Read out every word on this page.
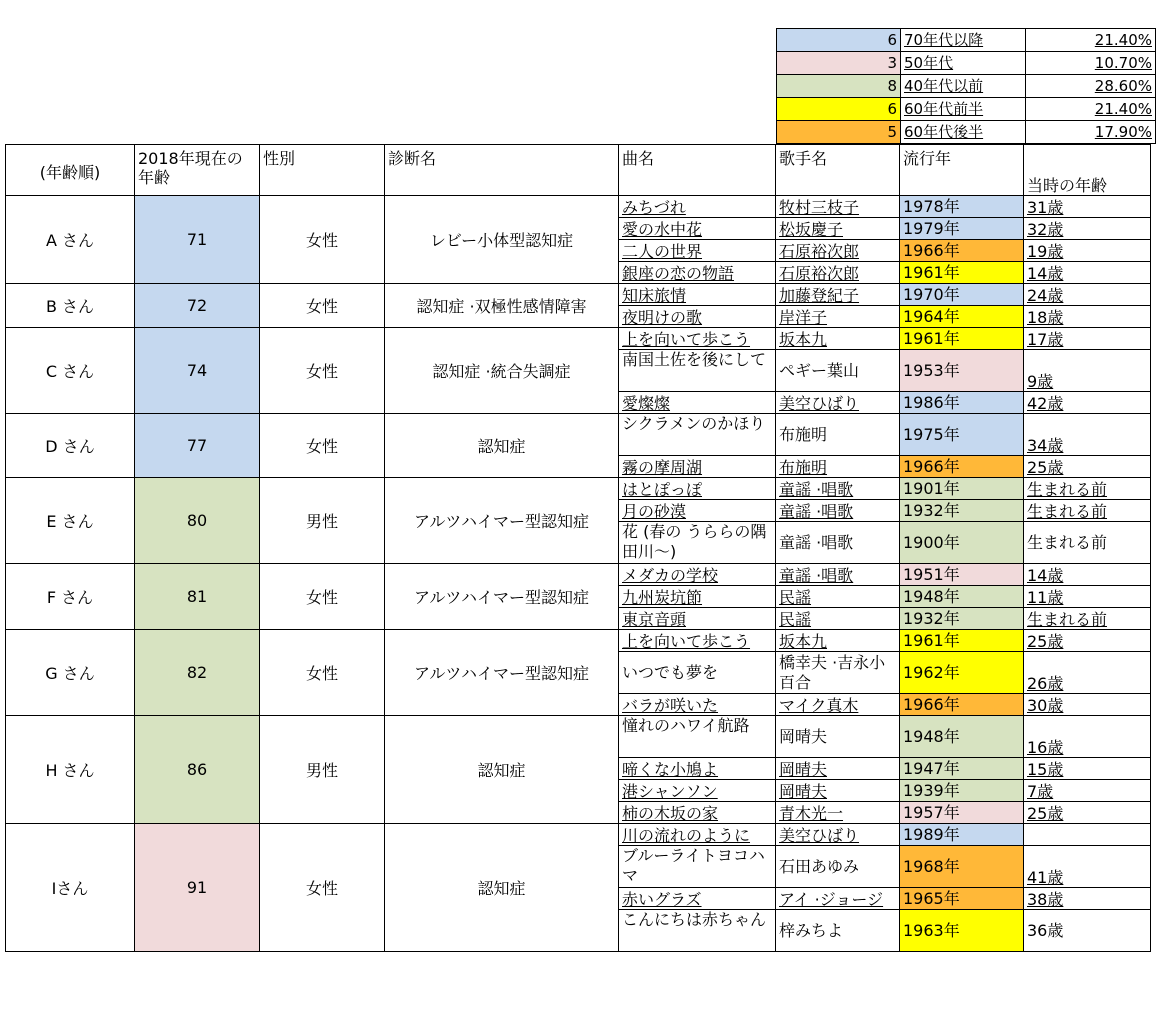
6	70年代以降	21.40%
3	50年代	10.70%
8	40年代以前	28.60%
6	60年代前半	21.40%
5	60年代後半	17.90%
(年齢順)	2018年現在の年齢	性別	診断名	曲名	歌手名	流行年	当時の年齢
A さん	71	女性	レビー小体型認知症	みちづれ	牧村三枝子	1978年	31歳
				愛の水中花	松坂慶子	1979年	32歳
				二人の世界	石原裕次郎	1966年	19歳
				銀座の恋の物語	石原裕次郎	1961年	14歳
B さん	72	女性	認知症 ·双極性感情障害	知床旅情	加藤登紀子	1970年	24歳
				夜明けの歌	岸洋子	1964年	18歳
C さん	74	女性	認知症 ·統合失調症	上を向いて歩こう	坂本九	1961年	17歳
				南国土佐を後にして	ペギー葉山	1953年	9歳
				愛燦燦	美空ひばり	1986年	42歳
D さん	77	女性	認知症	シクラメンのかほり	布施明	1975年	34歳
				霧の摩周湖	布施明	1966年	25歳
E さん	80	男性	アルツハイマー型認知症	はとぽっぽ	童謡 ·唱歌	1901年	生まれる前
				月の砂漠	童謡 ·唱歌	1932年	生まれる前
				花 (春の うららの隅田川～)	童謡 ·唱歌	1900年	生まれる前
F さん	81	女性	アルツハイマー型認知症	メダカの学校	童謡 ·唱歌	1951年	14歳
				九州炭坑節	民謡	1948年	11歳
				東京音頭	民謡	1932年	生まれる前
G さん	82	女性	アルツハイマー型認知症	上を向いて歩こう	坂本九	1961年	25歳
				いつでも夢を	橋幸夫 ·吉永小百合	1962年	26歳
				バラが咲いた	マイク真木	1966年	30歳
H さん	86	男性	認知症	憧れのハワイ航路	岡晴夫	1948年	16歳
				啼くな小鳩よ	岡晴夫	1947年	15歳
				港シャンソン	岡晴夫	1939年	7歳
				柿の木坂の家	青木光一	1957年	25歳
Iさん	91	女性	認知症	川の流れのように	美空ひばり	1989年	
				ブルーライトヨコハマ	石田あゆみ	1968年	41歳
				赤いグラズ	アイ ·ジョージ	1965年	38歳
				こんにちは赤ちゃん	梓みちよ	1963年	36歳
